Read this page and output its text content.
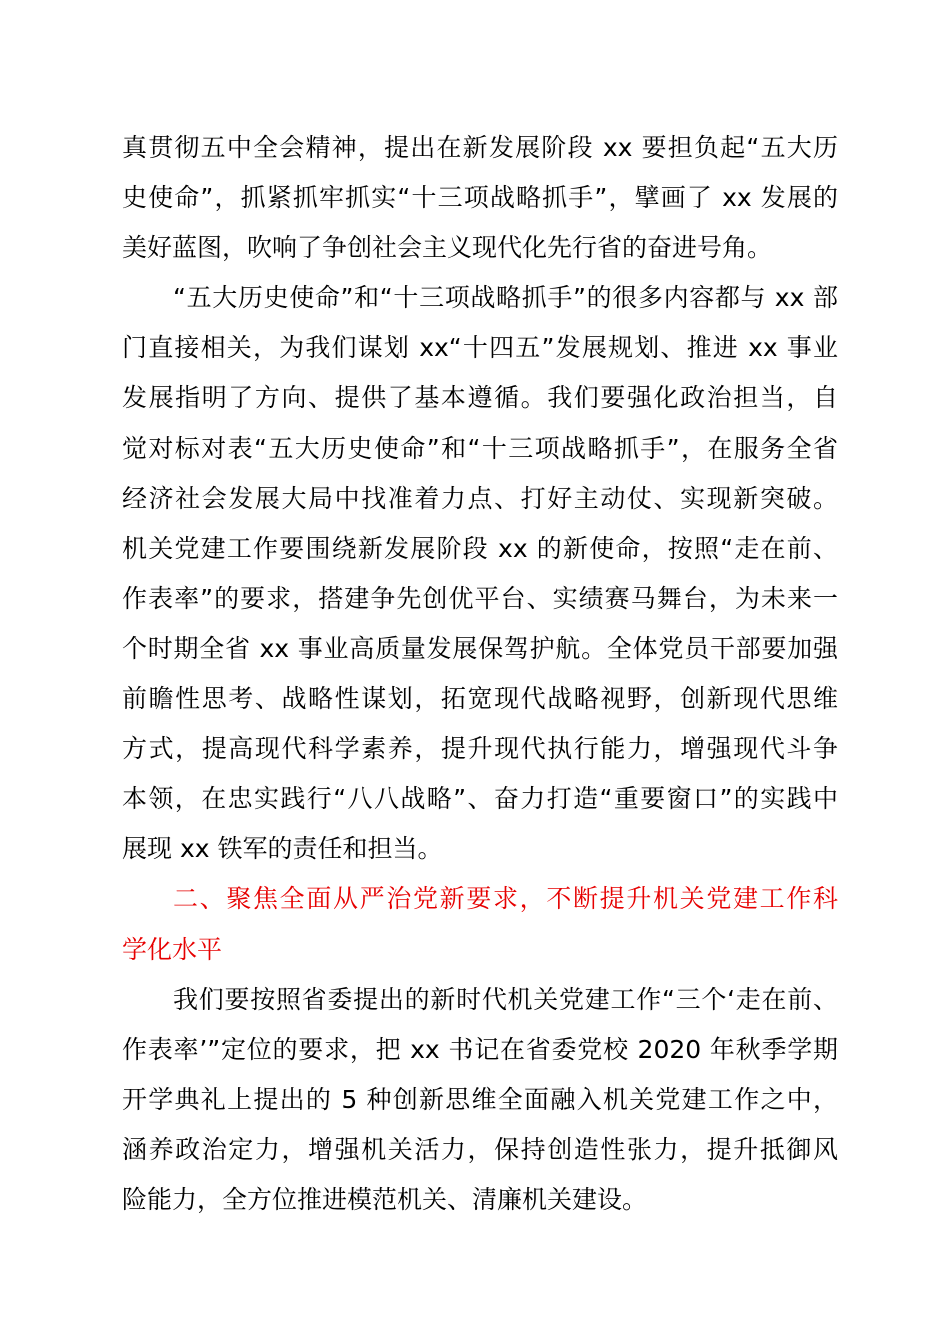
真贯彻五中全会精神，提出在新发展阶段 xx 要担负起“五大历
史使命”，抓紧抓牢抓实“十三项战略抓手”，擘画了 xx 发展的
美好蓝图，吹响了争创社会主义现代化先行省的奋进号角。
“五大历史使命”和“十三项战略抓手”的很多内容都与 xx 部
门直接相关，为我们谋划 xx“十四五”发展规划、推进 xx 事业
发展指明了方向、提供了基本遵循。我们要强化政治担当，自
觉对标对表“五大历史使命”和“十三项战略抓手”，在服务全省
经济社会发展大局中找准着力点、打好主动仗、实现新突破。
机关党建工作要围绕新发展阶段 xx 的新使命，按照“走在前、
作表率”的要求，搭建争先创优平台、实绩赛马舞台，为未来一
个时期全省 xx 事业高质量发展保驾护航。全体党员干部要加强
前瞻性思考、战略性谋划，拓宽现代战略视野，创新现代思维
方式，提高现代科学素养，提升现代执行能力，增强现代斗争
本领，在忠实践行“八八战略”、奋力打造“重要窗口”的实践中
展现 xx 铁军的责任和担当。
二、聚焦全面从严治党新要求，不断提升机关党建工作科
学化水平
我们要按照省委提出的新时代机关党建工作“三个‘走在前、
作表率’”定位的要求，把 xx 书记在省委党校 2020 年秋季学期
开学典礼上提出的 5 种创新思维全面融入机关党建工作之中，
涵养政治定力，增强机关活力，保持创造性张力，提升抵御风
险能力，全方位推进模范机关、清廉机关建设。
